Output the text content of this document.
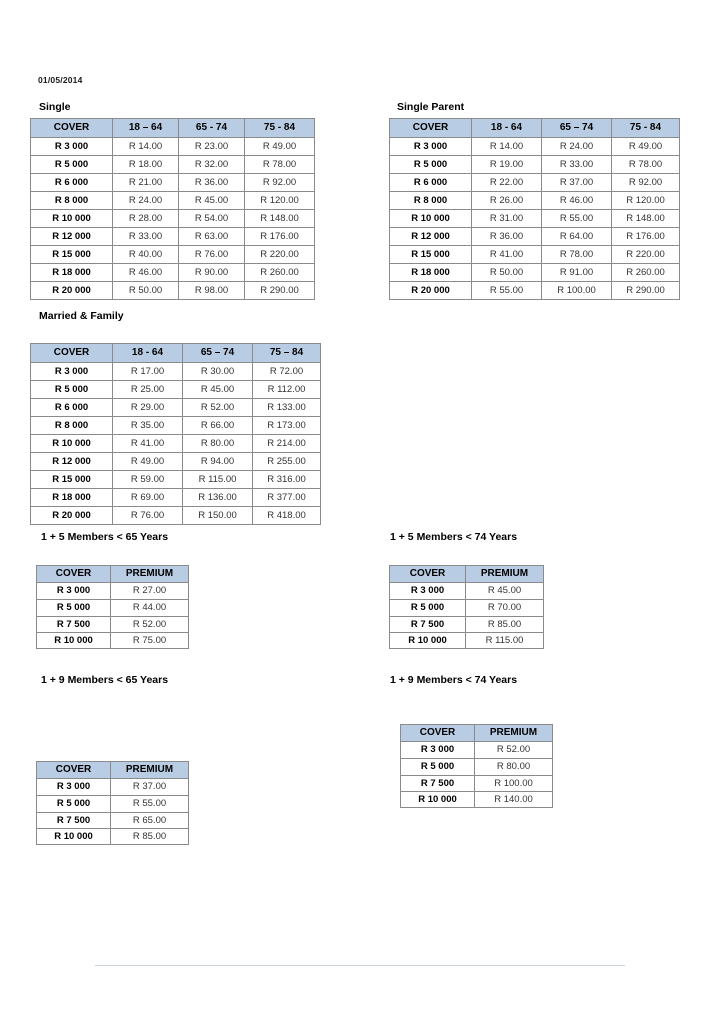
01/05/2014
Single
COVER	18 – 64	65 - 74	75 - 84
R 3 000	R 14.00	R 23.00	R 49.00
R 5 000	R 18.00	R 32.00	R 78.00
R 6 000	R 21.00	R 36.00	R 92.00
R 8 000	R 24.00	R 45.00	R 120.00
R 10 000	R 28.00	R 54.00	R 148.00
R 12 000	R 33.00	R 63.00	R 176.00
R 15 000	R 40.00	R 76.00	R 220.00
R 18 000	R 46.00	R 90.00	R 260.00
R 20 000	R 50.00	R 98.00	R 290.00
Single Parent
COVER	18 - 64	65 – 74	75 - 84
R 3 000	R 14.00	R 24.00	R 49.00
R 5 000	R 19.00	R 33.00	R 78.00
R 6 000	R 22.00	R 37.00	R 92.00
R 8 000	R 26.00	R 46.00	R 120.00
R 10 000	R 31.00	R 55.00	R 148.00
R 12 000	R 36.00	R 64.00	R 176.00
R 15 000	R 41.00	R 78.00	R 220.00
R 18 000	R 50.00	R 91.00	R 260.00
R 20 000	R 55.00	R 100.00	R 290.00
Married & Family
COVER	18 - 64	65 – 74	75 – 84
R 3 000	R 17.00	R 30.00	R 72.00
R 5 000	R 25.00	R 45.00	R 112.00
R 6 000	R 29.00	R 52.00	R 133.00
R 8 000	R 35.00	R 66.00	R 173.00
R 10 000	R 41.00	R 80.00	R 214.00
R 12 000	R 49.00	R 94.00	R 255.00
R 15 000	R 59.00	R 115.00	R 316.00
R 18 000	R 69.00	R 136.00	R 377.00
R 20 000	R 76.00	R 150.00	R 418.00
1 + 5 Members < 65 Years
COVER	PREMIUM
R 3 000	R 27.00
R 5 000	R 44.00
R 7 500	R 52.00
R 10 000	R 75.00
1 + 5 Members < 74 Years
COVER	PREMIUM
R 3 000	R 45.00
R 5 000	R 70.00
R 7 500	R 85.00
R 10 000	R 115.00
1 + 9 Members < 65 Years
COVER	PREMIUM
R 3 000	R 37.00
R 5 000	R 55.00
R 7 500	R 65.00
R 10 000	R 85.00
1 + 9 Members < 74 Years
COVER	PREMIUM
R 3 000	R 52.00
R 5 000	R 80.00
R 7 500	R 100.00
R 10 000	R 140.00
